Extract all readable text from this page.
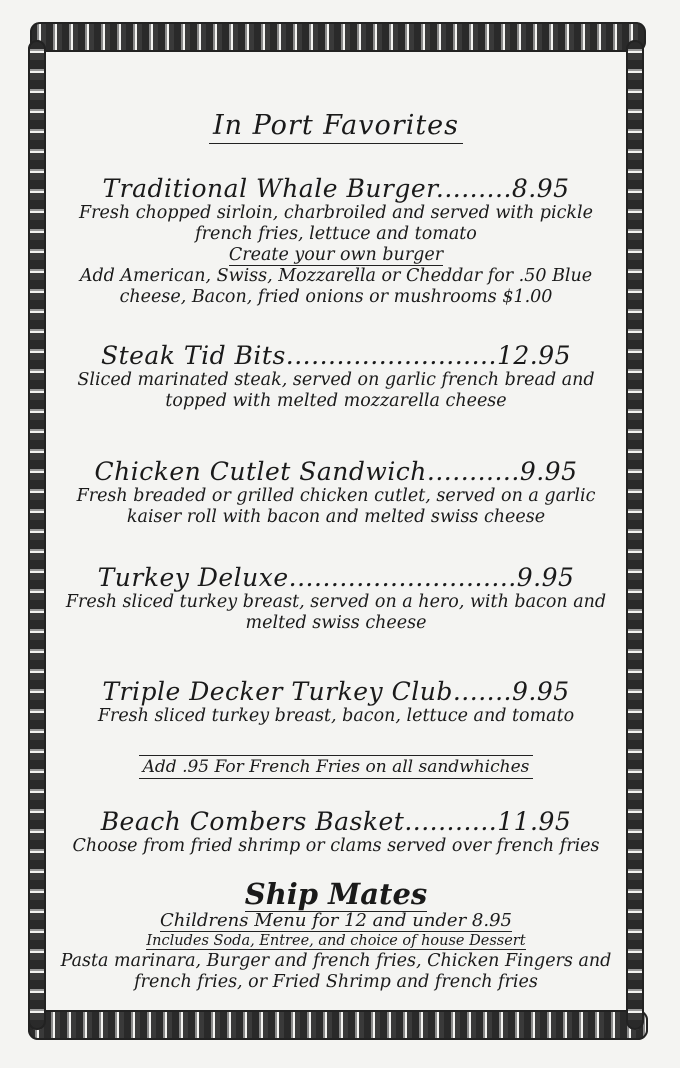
In Port Favorites
Traditional Whale Burger.........8.95
Fresh chopped sirloin, charbroiled and served with pickle french fries, lettuce and tomato
Create your own burger
Add American, Swiss, Mozzarella or Cheddar for .50 Blue cheese, Bacon, fried onions or mushrooms $1.00
Steak Tid Bits.........................12.95
Sliced marinated steak, served on garlic french bread and topped with melted mozzarella cheese
Chicken Cutlet Sandwich...........9.95
Fresh breaded or grilled chicken cutlet, served on a garlic kaiser roll with bacon and melted swiss cheese
Turkey Deluxe...........................9.95
Fresh sliced turkey breast, served on a hero, with bacon and melted swiss cheese
Triple Decker Turkey Club.......9.95
Fresh sliced turkey breast, bacon, lettuce and tomato
Add .95 For French Fries on all sandwhiches
Beach Combers Basket...........11.95
Choose from fried shrimp or clams served over french fries
Ship Mates
Childrens Menu for 12 and under 8.95
Includes Soda, Entree, and choice of house Dessert
Pasta marinara, Burger and french fries, Chicken Fingers and french fries, or Fried Shrimp and french fries
